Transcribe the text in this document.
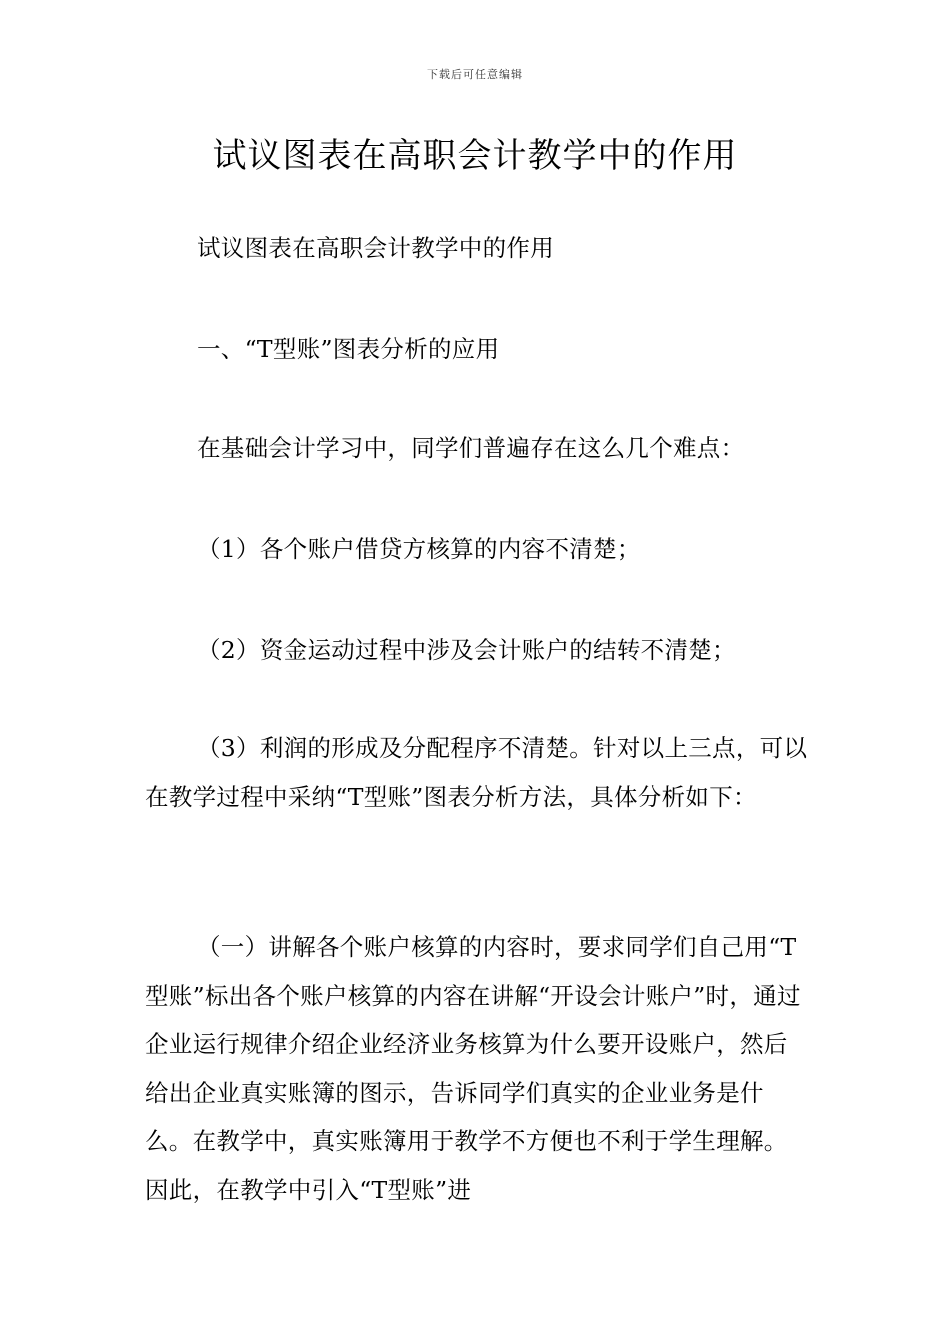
下载后可任意编辑
试议图表在高职会计教学中的作用

试议图表在高职会计教学中的作用

一、“T型账”图表分析的应用

在基础会计学习中，同学们普遍存在这么几个难点：

（1）各个账户借贷方核算的内容不清楚；

（2）资金运动过程中涉及会计账户的结转不清楚；

（3）利润的形成及分配程序不清楚。针对以上三点，可以在教学过程中采纳“T型账”图表分析方法，具体分析如下：

（一）讲解各个账户核算的内容时，要求同学们自己用“T型账”标出各个账户核算的内容在讲解“开设会计账户”时，通过企业运行规律介绍企业经济业务核算为什么要开设账户，然后给出企业真实账簿的图示，告诉同学们真实的企业业务是什么。在教学中，真实账簿用于教学不方便也不利于学生理解。因此，在教学中引入“T型账”进
